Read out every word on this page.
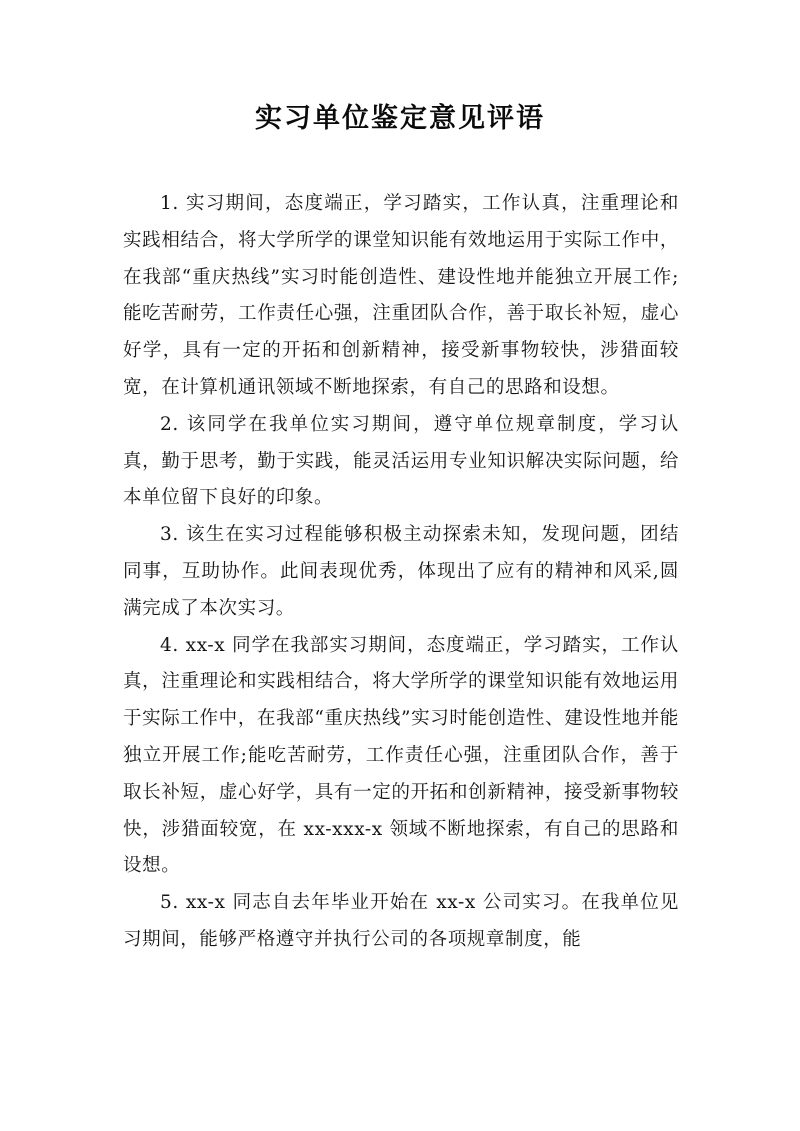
实习单位鉴定意见评语

1. 实习期间，态度端正，学习踏实，工作认真，注重理论和实践相结合，将大学所学的课堂知识能有效地运用于实际工作中，在我部“重庆热线”实习时能创造性、建设性地并能独立开展工作;能吃苦耐劳，工作责任心强，注重团队合作，善于取长补短，虚心好学，具有一定的开拓和创新精神，接受新事物较快，涉猎面较宽，在计算机通讯领域不断地探索，有自己的思路和设想。

2. 该同学在我单位实习期间，遵守单位规章制度，学习认真，勤于思考，勤于实践，能灵活运用专业知识解决实际问题，给本单位留下良好的印象。

3. 该生在实习过程能够积极主动探索未知，发现问题，团结同事，互助协作。此间表现优秀，体现出了应有的精神和风采,圆满完成了本次实习。

4. xx-x 同学在我部实习期间，态度端正，学习踏实，工作认真，注重理论和实践相结合，将大学所学的课堂知识能有效地运用于实际工作中，在我部“重庆热线”实习时能创造性、建设性地并能独立开展工作;能吃苦耐劳，工作责任心强，注重团队合作，善于取长补短，虚心好学，具有一定的开拓和创新精神，接受新事物较快，涉猎面较宽，在 xx-xxx-x 领域不断地探索，有自己的思路和设想。

5. xx-x 同志自去年毕业开始在 xx-x 公司实习。在我单位见习期间，能够严格遵守并执行公司的各项规章制度，能
